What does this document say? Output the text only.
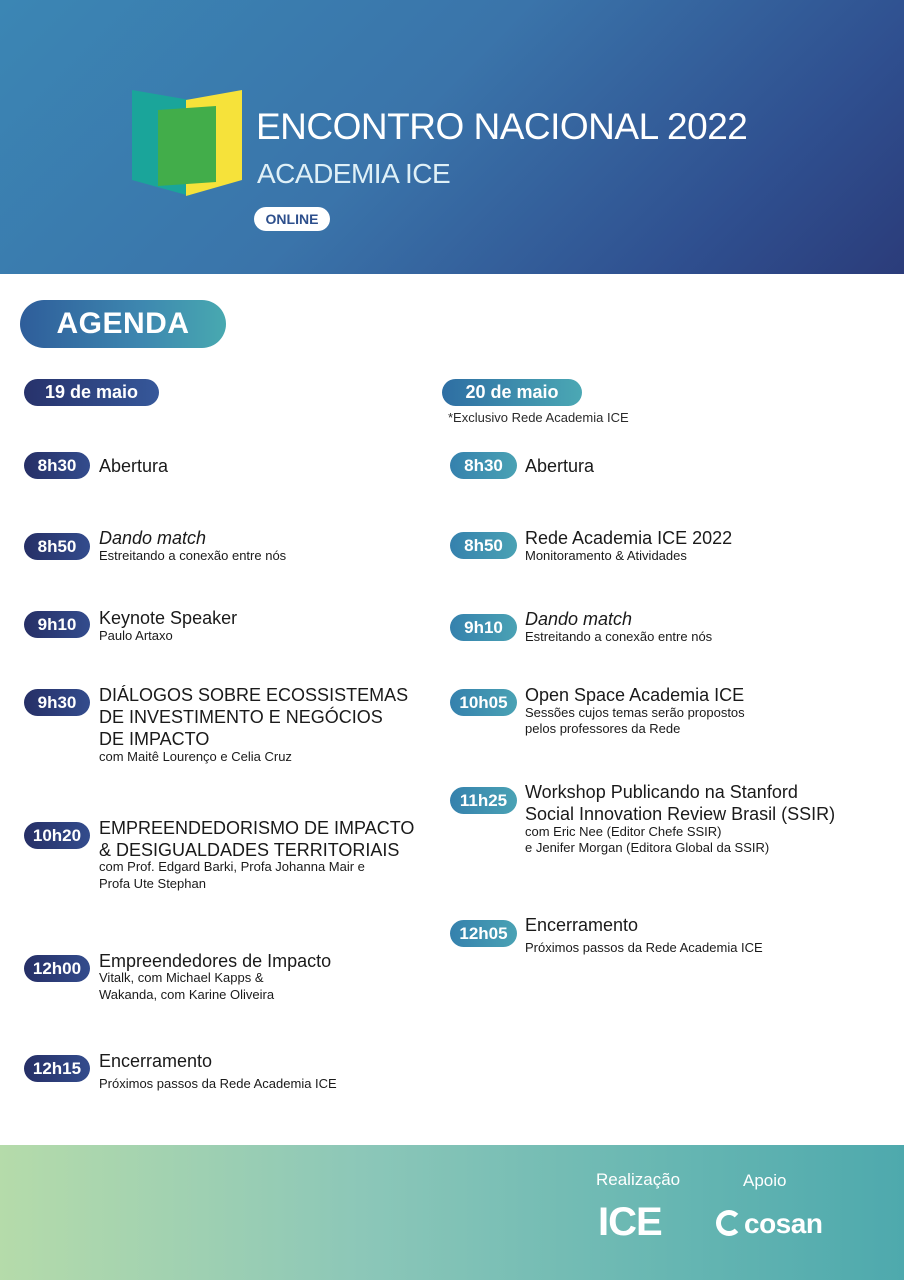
ENCONTRO NACIONAL 2022
ACADEMIA ICE
ONLINE
AGENDA
19 de maio	20 de maio
*Exclusivo Rede Academia ICE
8h30	Abertura
8h50	Dando match
Estreitando a conexão entre nós
9h10	Keynote Speaker
Paulo Artaxo
9h30	DIÁLOGOS SOBRE ECOSSISTEMAS
DE INVESTIMENTO E NEGÓCIOS
DE IMPACTO
com Maitê Lourenço e Celia Cruz
10h20 EMPREENDEDORISMO DE IMPACTO
& DESIGUALDADES TERRITORIAIS
com Prof. Edgard Barki, Profa Johanna Mair e
Profa Ute Stephan
12h00 Empreendedores de Impacto
Vitalk, com Michael Kapps &
Wakanda, com Karine Oliveira
12h15 Encerramento
Próximos passos da Rede Academia ICE
8h30	Abertura
8h50	Rede Academia ICE 2022
Monitoramento & Atividades
9h10	Dando match
Estreitando a conexão entre nós
10h05 Open Space Academia ICE
Sessões cujos temas serão propostos
pelos professores da Rede
11h25 Workshop Publicando na Stanford
Social Innovation Review Brasil (SSIR)
com Eric Nee (Editor Chefe SSIR)
e Jenifer Morgan (Editora Global da SSIR)
12h05 Encerramento
Próximos passos da Rede Academia ICE
Realização	Apoio
ICE	cosan
